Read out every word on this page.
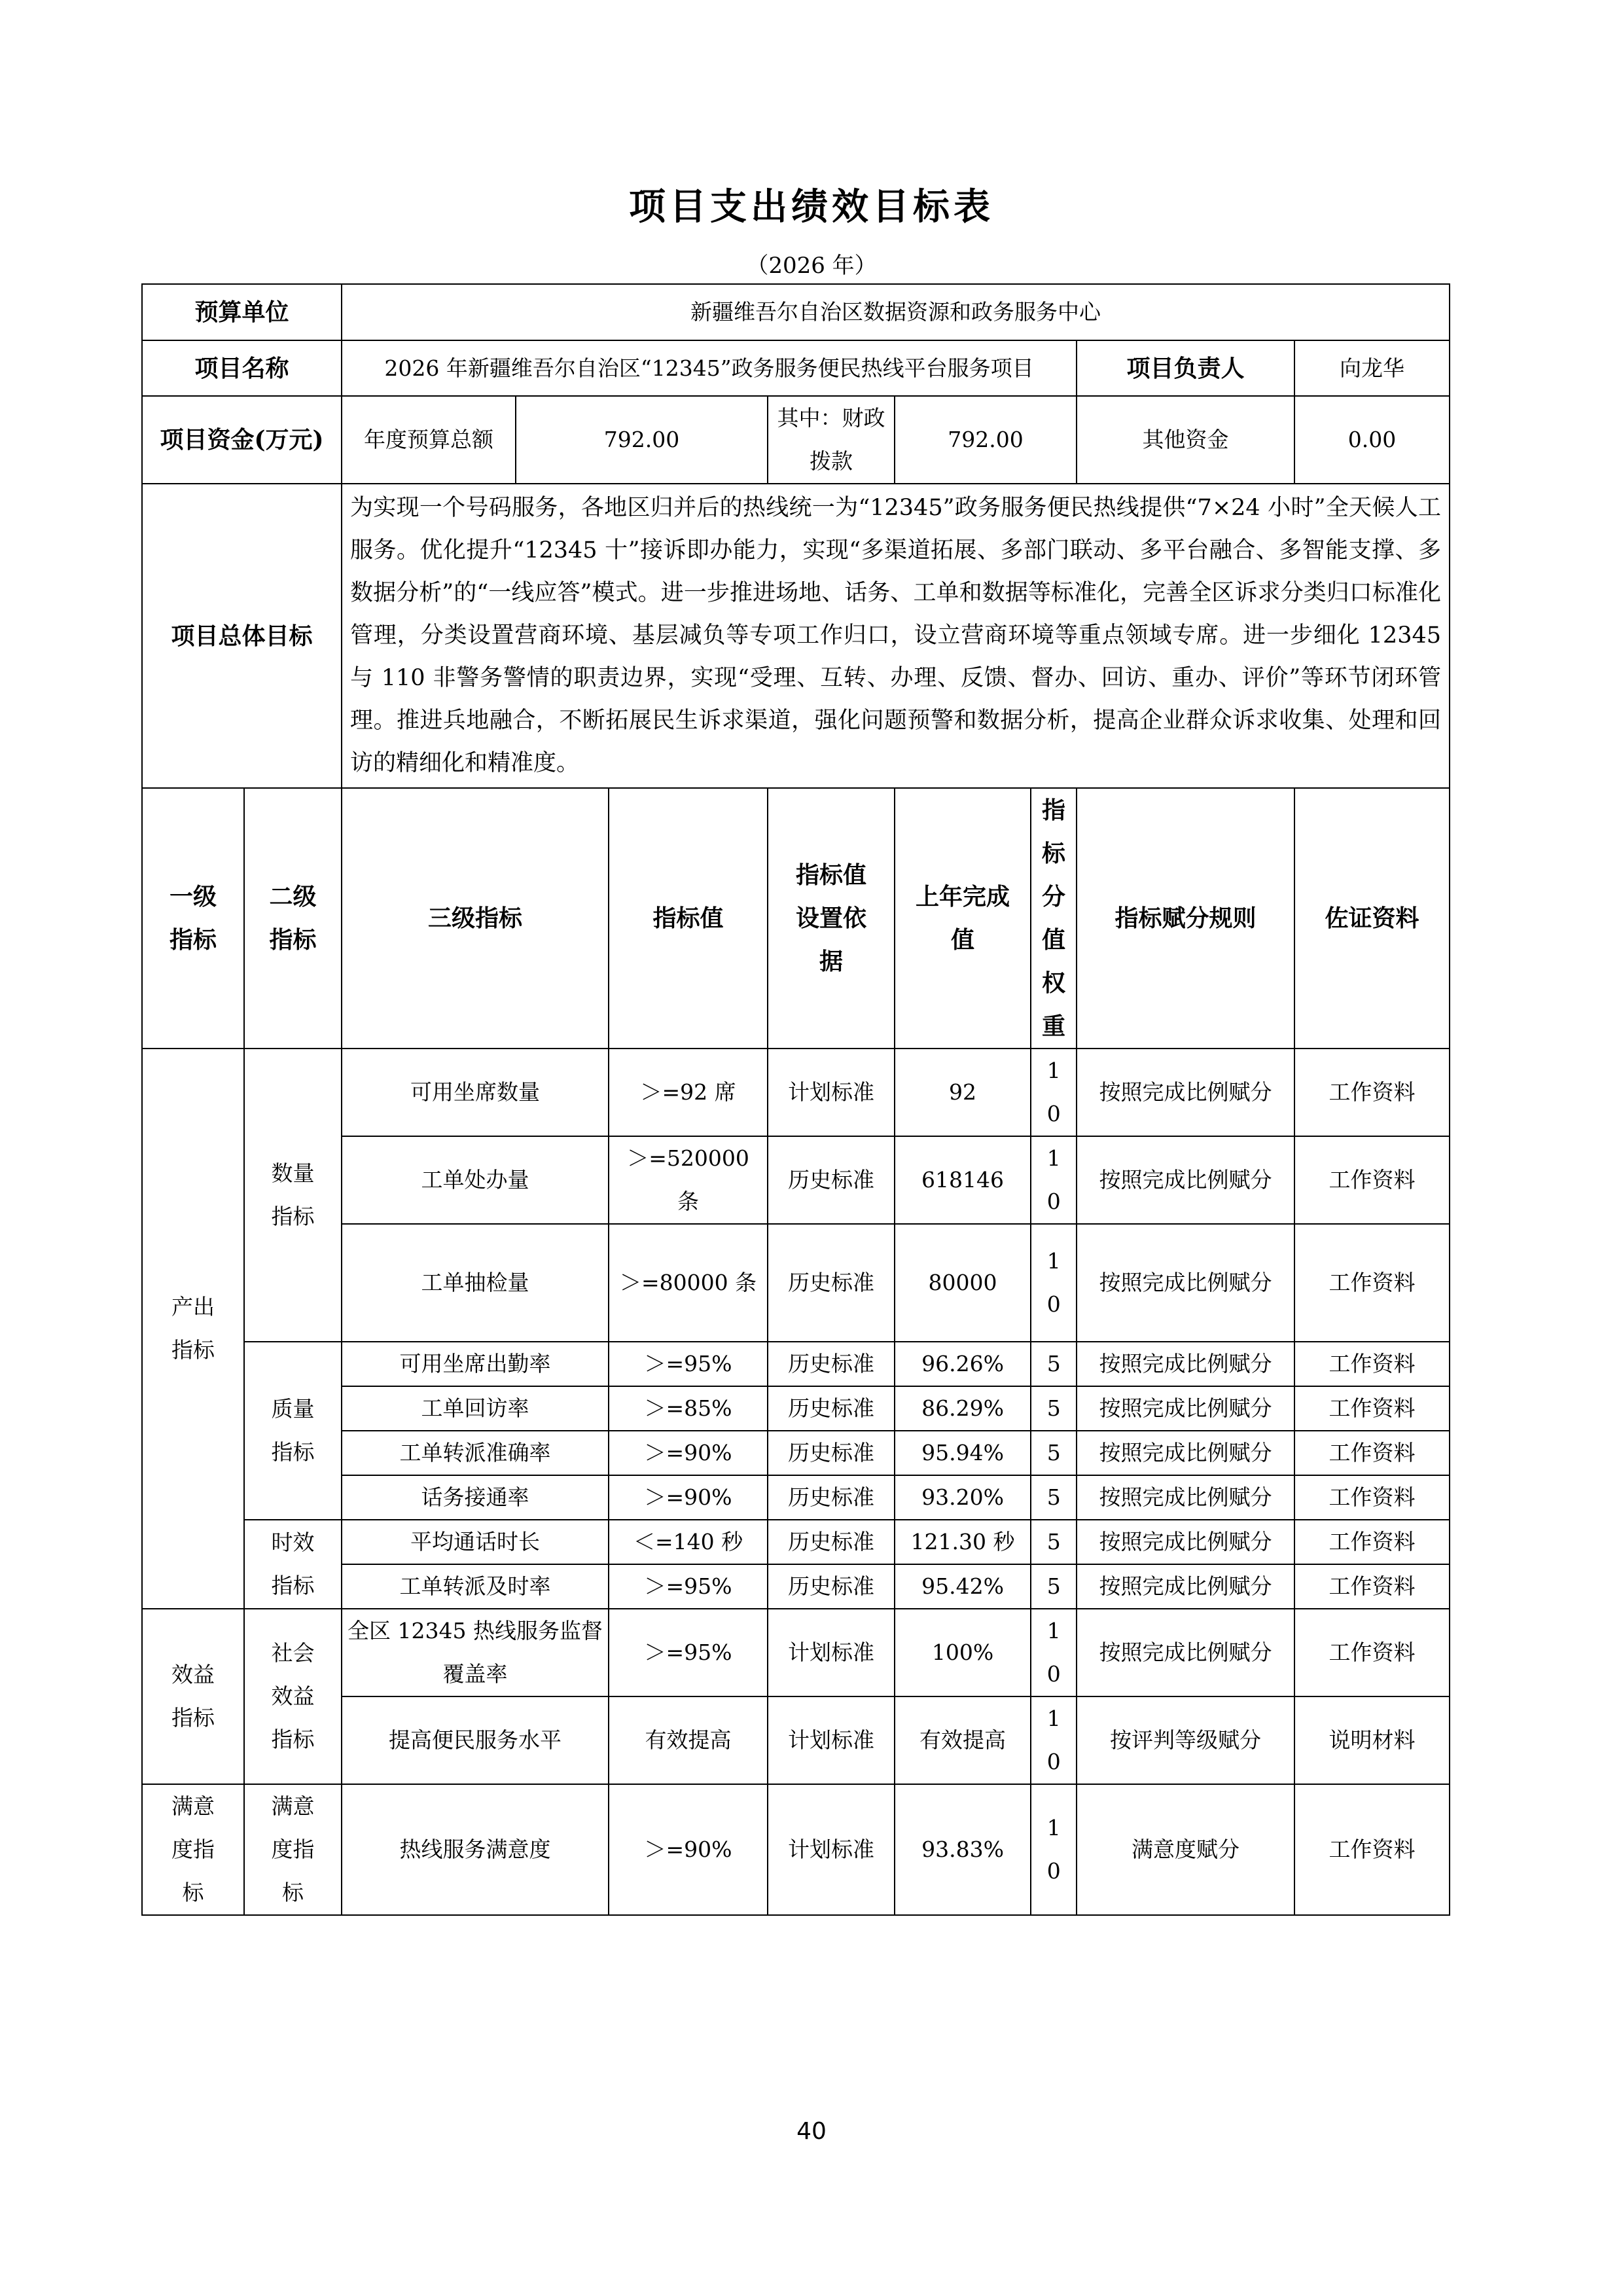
项目支出绩效目标表
（2026 年）
预算单位		新疆维吾尔自治区数据资源和政务服务中心							
项目名称		2026 年新疆维吾尔自治区“12345”政务服务便民热线平台服务项目						项目负责人	向龙华
项目资金(万元)		年度预算总额	792.00		其中：财政拨款	792.00		其他资金	0.00
项目总体目标		为实现一个号码服务，各地区归并后的热线统一为“12345”政务服务便民热线提供“7×24 小时”全天候人工服务。优化提升“12345 十”接诉即办能力，实现“多渠道拓展、多部门联动、多平台融合、多智能支撑、多数据分析”的“一线应答”模式。进一步推进场地、话务、工单和数据等标准化，完善全区诉求分类归口标准化管理，分类设置营商环境、基层减负等专项工作归口，设立营商环境等重点领域专席。进一步细化 12345 与 110 非警务警情的职责边界，实现“受理、互转、办理、反馈、督办、回访、重办、评价”等环节闭环管理。推进兵地融合，不断拓展民生诉求渠道，强化问题预警和数据分析，提高企业群众诉求收集、处理和回访的精细化和精准度。							
一级指标	二级指标	三级指标		指标值	指标值设置依据	上年完成值	指标分值权重	指标赋分规则	佐证资料
产出指标	数量指标	可用坐席数量		＞=92 席	计划标准	92	10	按照完成比例赋分	工作资料
		工单处办量		＞=520000 条	历史标准	618146	10	按照完成比例赋分	工作资料
		工单抽检量		＞=80000 条	历史标准	80000	10	按照完成比例赋分	工作资料
	质量指标	可用坐席出勤率		＞=95%	历史标准	96.26%	5	按照完成比例赋分	工作资料
		工单回访率		＞=85%	历史标准	86.29%	5	按照完成比例赋分	工作资料
		工单转派准确率		＞=90%	历史标准	95.94%	5	按照完成比例赋分	工作资料
		话务接通率		＞=90%	历史标准	93.20%	5	按照完成比例赋分	工作资料
	时效指标	平均通话时长		＜=140 秒	历史标准	121.30 秒	5	按照完成比例赋分	工作资料
		工单转派及时率		＞=95%	历史标准	95.42%	5	按照完成比例赋分	工作资料
效益指标	社会效益指标	全区 12345 热线服务监督覆盖率		＞=95%	计划标准	100%	10	按照完成比例赋分	工作资料
		提高便民服务水平		有效提高	计划标准	有效提高	10	按评判等级赋分	说明材料
满意度指标	满意度指标	热线服务满意度		＞=90%	计划标准	93.83%	10	满意度赋分	工作资料
40
